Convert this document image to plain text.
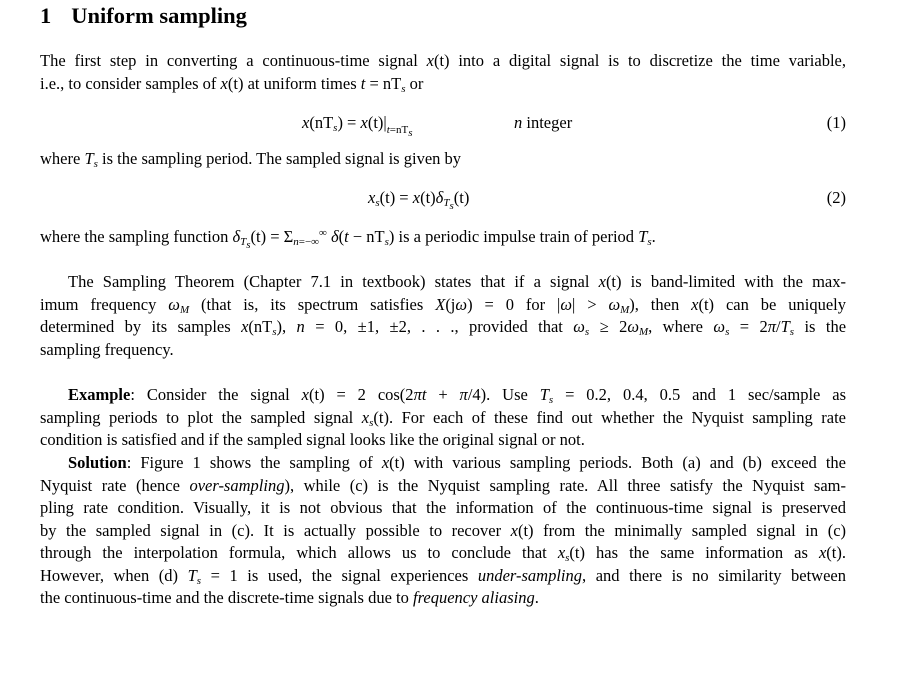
1 Uniform sampling
The first step in converting a continuous-time signal x(t) into a digital signal is to discretize the time variable,
i.e., to consider samples of x(t) at uniform times $t = nT_s$ or
$x(nT_s) = x(t)|_{t=nT_s}$
n integer	(1)
where $T_s$ is the sampling period. The sampled signal is given by
$x_s(t) = x(t)\delta_{T_s}(t)$	(2)
where the sampling function $\delta_{T_s}(t) = \Sigma_{n=-\infty}^\infty$ $\delta(t - nT_s)$ is a periodic impulse train of period $T_s$.
The Sampling Theorem (Chapter 7.1 in textbook) states that if a signal x(t) is band-limited with the max-
imum frequency $\omega_M$ (that is, its spectrum satisfies X(jω) = 0 for $|\omega| > \omega_M$), then x(t) can be uniquely
determined by its samples $x(nT_s)$, n = 0, ±1, ±2, . . ., provided that $\omega_s \ge 2\omega_M$, where $\omega_s = 2\pi/T_s$ is the
sampling frequency.
Example: Consider the signal x(t) = 2 cos(2πt + π/4). Use $T_s = 0.2$, 0.4, 0.5 and 1 sec/sample as
sampling periods to plot the sampled signal $x_s(t)$. For each of these find out whether the Nyquist sampling rate
condition is satisfied and if the sampled signal looks like the original signal or not.
Solution: Figure 1 shows the sampling of x(t) with various sampling periods. Both (a) and (b) exceed the
Nyquist rate (hence over-sampling), while (c) is the Nyquist sampling rate. All three satisfy the Nyquist sam-
pling rate condition. Visually, it is not obvious that the information of the continuous-time signal is preserved
by the sampled signal in (c). It is actually possible to recover x(t) from the minimally sampled signal in (c)
through the interpolation formula, which allows us to conclude that $x_s(t)$ has the same information as x(t).
However, when (d) $T_s = 1$ is used, the signal experiences under-sampling, and there is no similarity between
the continuous-time and the discrete-time signals due to frequency aliasing.
